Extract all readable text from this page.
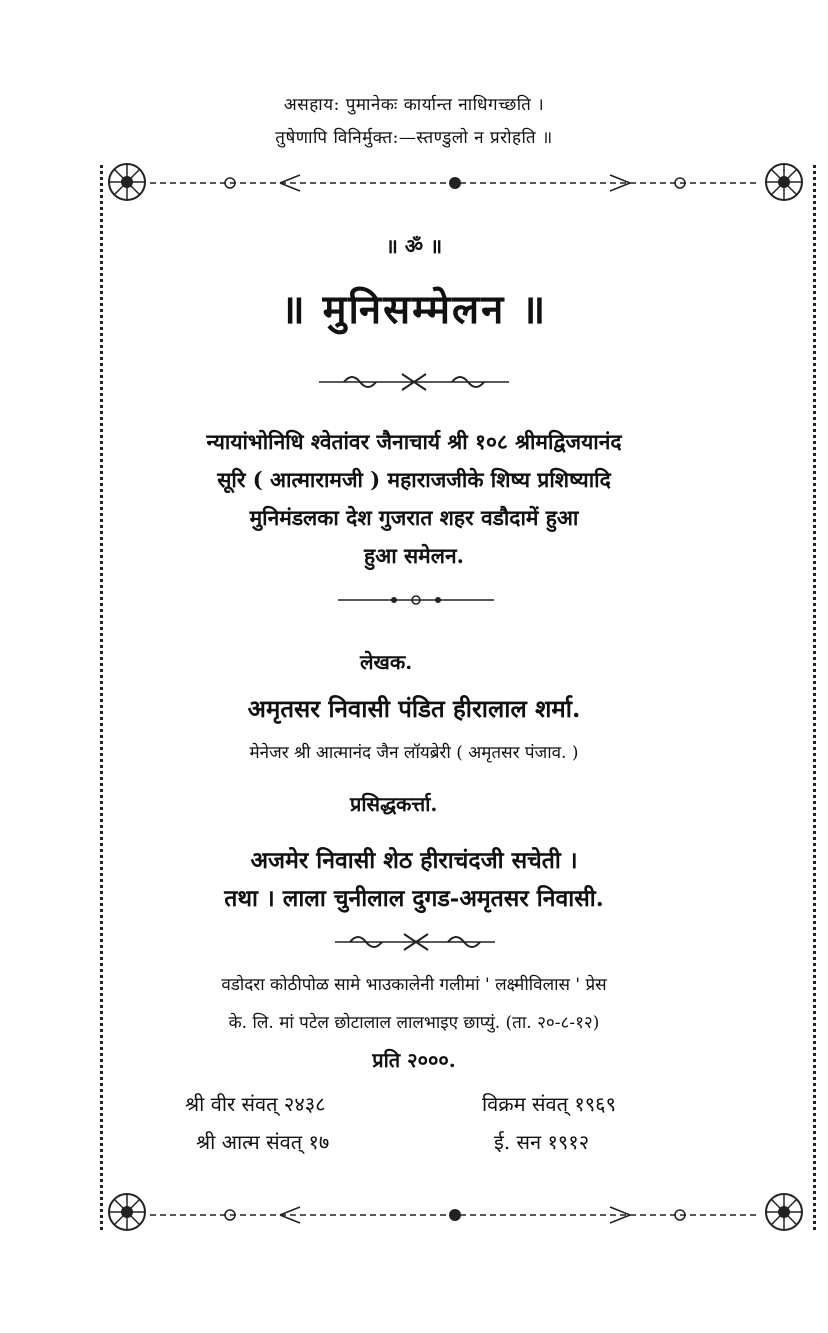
असहाय: पुमानेकः कार्यान्त नाधिगच्छति ।
तुषेणापि विनिर्मुक्त:—स्तण्डुलो न प्ररोहति ॥
॥ ॐ ॥
॥ मुनिसम्मेलन ॥
न्यायांभोनिधि श्वेतांवर जैनाचार्य श्री १०८ श्रीमद्विजयानंद
सूरि ( आत्मारामजी ) महाराजजीके शिष्य प्रशिष्यादि
मुनिमंडलका देश गुजरात शहर वडौदामें हुआ
हुआ समेलन.
लेखक.
अमृतसर निवासी पंडित हीरालाल शर्मा.
मेनेजर श्री आत्मानंद जैन लॉयब्रेरी ( अमृतसर पंजाव. )
प्रसिद्धकर्त्ता.
अजमेर निवासी शेठ हीराचंदजी सचेती ।
तथा । लाला चुनीलाल दुगड-अमृतसर निवासी.
वडोदरा कोठीपोळ सामे भाउकालेनी गलीमां ' लक्ष्मीविलास ' प्रेस
के. लि. मां पटेल छोटालाल लालभाइए छाप्युं. (ता. २०-८-१२)
प्रति २०००.
श्री वीर संवत् २४३८	विक्रम संवत् १९६९
श्री आत्म संवत् १७	ई. सन १९१२
